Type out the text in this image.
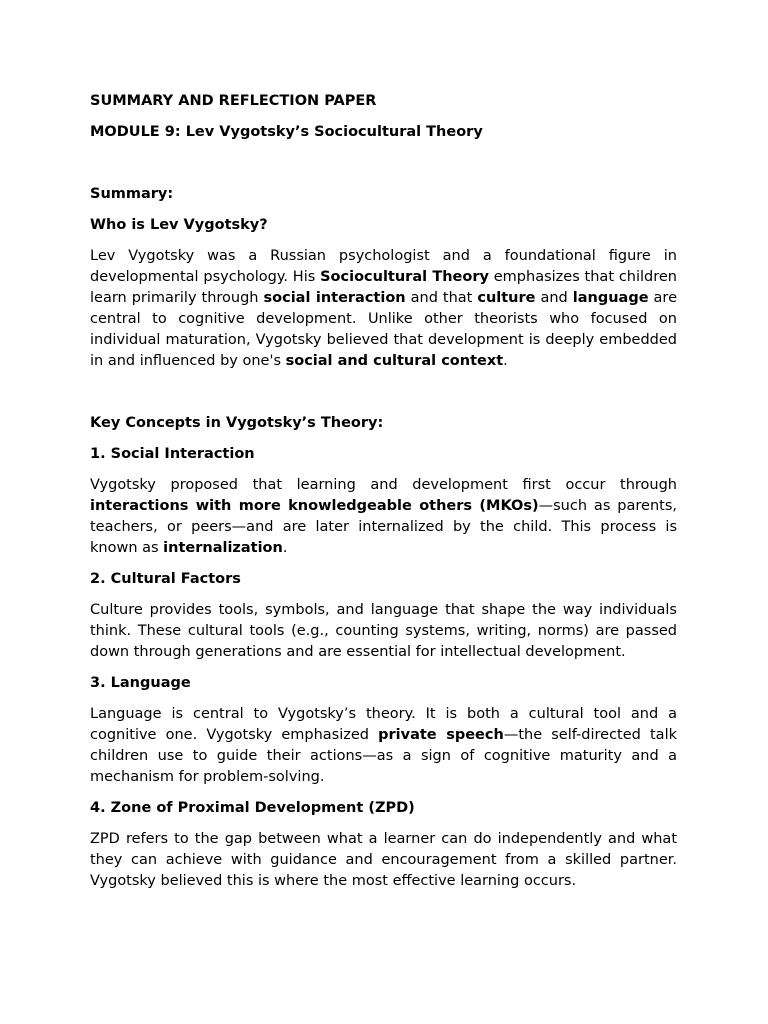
SUMMARY AND REFLECTION PAPER
MODULE 9: Lev Vygotsky’s Sociocultural Theory
Summary:
Who is Lev Vygotsky?

Lev Vygotsky was a Russian psychologist and a foundational figure in developmental psychology. His Sociocultural Theory emphasizes that children learn primarily through social interaction and that culture and language are central to cognitive development. Unlike other theorists who focused on individual maturation, Vygotsky believed that development is deeply embedded in and influenced by one's social and cultural context.

Key Concepts in Vygotsky’s Theory:
1. Social Interaction

Vygotsky proposed that learning and development first occur through interactions with more knowledgeable others (MKOs)—such as parents, teachers, or peers—and are later internalized by the child. This process is known as internalization.

2. Cultural Factors

Culture provides tools, symbols, and language that shape the way individuals think. These cultural tools (e.g., counting systems, writing, norms) are passed down through generations and are essential for intellectual development.

3. Language

Language is central to Vygotsky’s theory. It is both a cultural tool and a cognitive one. Vygotsky emphasized private speech—the self-directed talk children use to guide their actions—as a sign of cognitive maturity and a mechanism for problem-solving.

4. Zone of Proximal Development (ZPD)

ZPD refers to the gap between what a learner can do independently and what they can achieve with guidance and encouragement from a skilled partner. Vygotsky believed this is where the most effective learning occurs.
